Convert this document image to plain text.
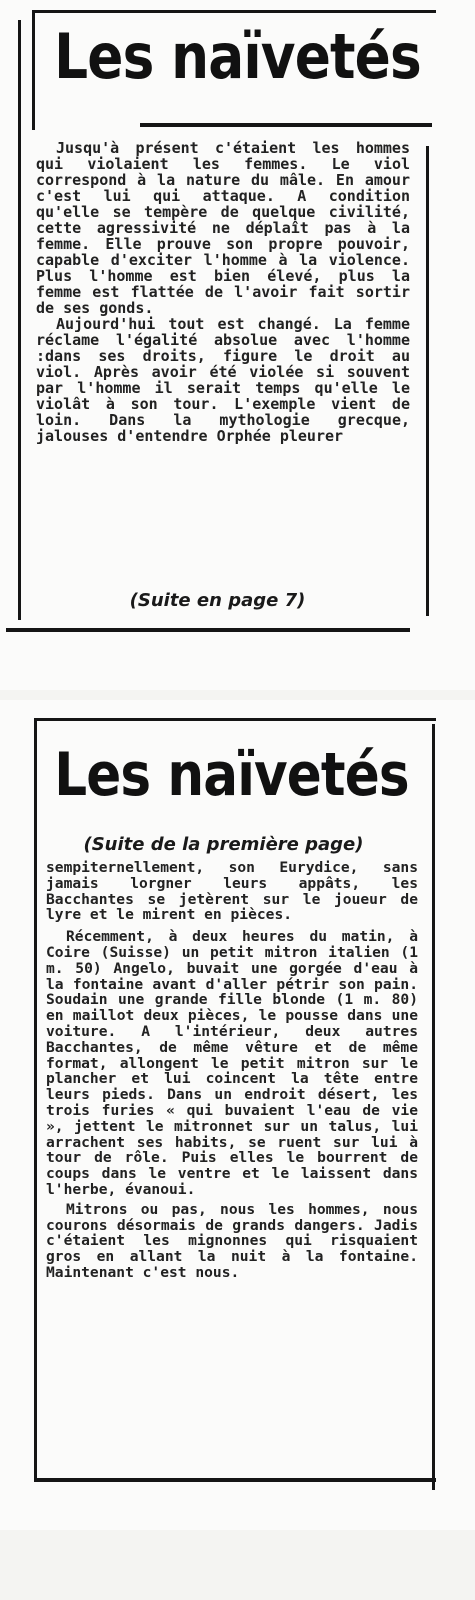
Les naïvetés

Jusqu'à présent c'étaient les hommes qui violaient les femmes. Le viol correspond à la nature du mâle. En amour c'est lui qui attaque. A condition qu'elle se tempère de quelque civilité, cette agressivité ne déplaît pas à la femme. Elle prouve son propre pouvoir, capable d'exciter l'homme à la violence. Plus l'homme est bien élevé, plus la femme est flattée de l'avoir fait sortir de ses gonds.

Aujourd'hui tout est changé. La femme réclame l'égalité absolue avec l'homme :dans ses droits, figure le droit au viol. Après avoir été violée si souvent par l'homme il serait temps qu'elle le violât à son tour. L'exemple vient de loin. Dans la mythologie grecque, jalouses d'entendre Orphée pleurer

(Suite en page 7)
Les naïvetés
(Suite de la première page)

sempiternellement, son Eurydice, sans jamais lorgner leurs appâts, les Bacchantes se jetèrent sur le joueur de lyre et le mirent en pièces.

Récemment, à deux heures du matin, à Coire (Suisse) un petit mitron italien (1 m. 50) Angelo, buvait une gorgée d'eau à la fontaine avant d'aller pétrir son pain. Soudain une grande fille blonde (1 m. 80) en maillot deux pièces, le pousse dans une voiture. A l'intérieur, deux autres Bacchantes, de même vêture et de même format, allongent le petit mitron sur le plancher et lui coincent la tête entre leurs pieds. Dans un endroit désert, les trois furies « qui buvaient l'eau de vie », jettent le mitronnet sur un talus, lui arrachent ses habits, se ruent sur lui à tour de rôle. Puis elles le bourrent de coups dans le ventre et le laissent dans l'herbe, évanoui.

Mitrons ou pas, nous les hommes, nous courons désormais de grands dangers. Jadis c'étaient les mignonnes qui risquaient gros en allant la nuit à la fontaine. Maintenant c'est nous.
